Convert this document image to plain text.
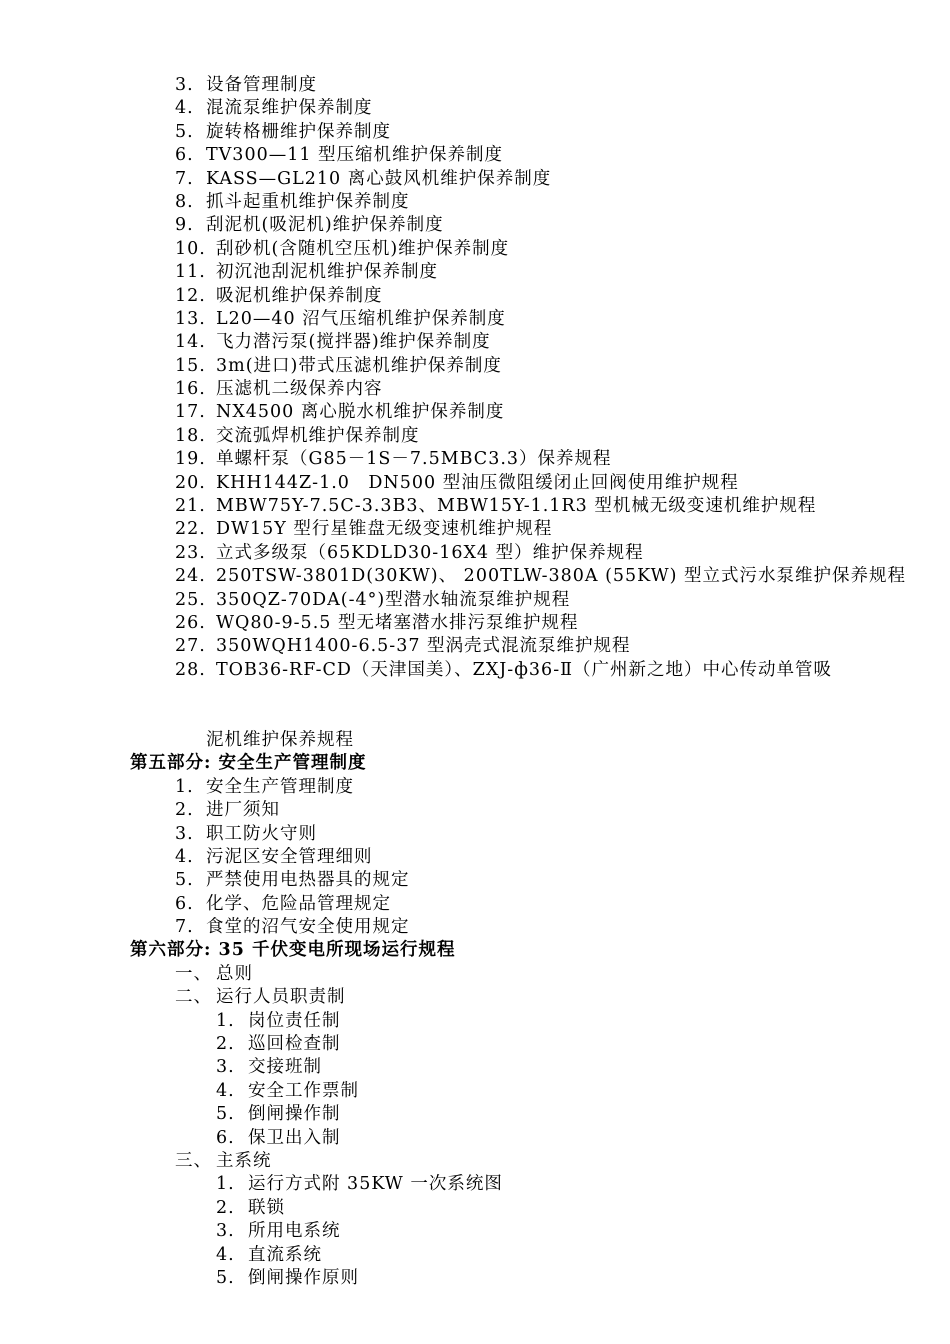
3. 设备管理制度
4. 混流泵维护保养制度
5. 旋转格栅维护保养制度
6. TV300—11 型压缩机维护保养制度
7. KASS—GL210 离心鼓风机维护保养制度
8. 抓斗起重机维护保养制度
9. 刮泥机(吸泥机)维护保养制度
10. 刮砂机(含随机空压机)维护保养制度
11. 初沉池刮泥机维护保养制度
12. 吸泥机维护保养制度
13. L20—40 沼气压缩机维护保养制度
14. 飞力潜污泵(搅拌器)维护保养制度
15. 3m(进口)带式压滤机维护保养制度
16. 压滤机二级保养内容
17. NX4500 离心脱水机维护保养制度
18. 交流弧焊机维护保养制度
19. 单螺杆泵（G85－1S－7.5MBC3.3）保养规程
20. KHH144Z-1.0　DN500 型油压微阻缓闭止回阀使用维护规程
21. MBW75Y-7.5C-3.3B3、MBW15Y-1.1R3 型机械无级变速机维护规程
22. DW15Y 型行星锥盘无级变速机维护规程
23. 立式多级泵（65KDLD30-16X4 型）维护保养规程
24. 250TSW-3801D(30KW)、 200TLW-380A (55KW) 型立式污水泵维护保养规程
25. 350QZ-70DA(-4°)型潜水轴流泵维护规程
26. WQ80-9-5.5 型无堵塞潜水排污泵维护规程
27. 350WQH1400-6.5-37 型涡壳式混流泵维护规程
28. TOB36-RF-CD（天津国美）、ZXJ-ф36-Ⅱ（广州新之地）中心传动单管吸
泥机维护保养规程
第五部分: 安全生产管理制度
1. 安全生产管理制度
2. 进厂须知
3. 职工防火守则
4. 污泥区安全管理细则
5. 严禁使用电热器具的规定
6. 化学、危险品管理规定
7. 食堂的沼气安全使用规定
第六部分: 35 千伏变电所现场运行规程
一、 总则
二、 运行人员职责制
1. 岗位责任制
2. 巡回检查制
3. 交接班制
4. 安全工作票制
5. 倒闸操作制
6. 保卫出入制
三、 主系统
1. 运行方式附 35KW 一次系统图
2. 联锁
3. 所用电系统
4. 直流系统
5. 倒闸操作原则
